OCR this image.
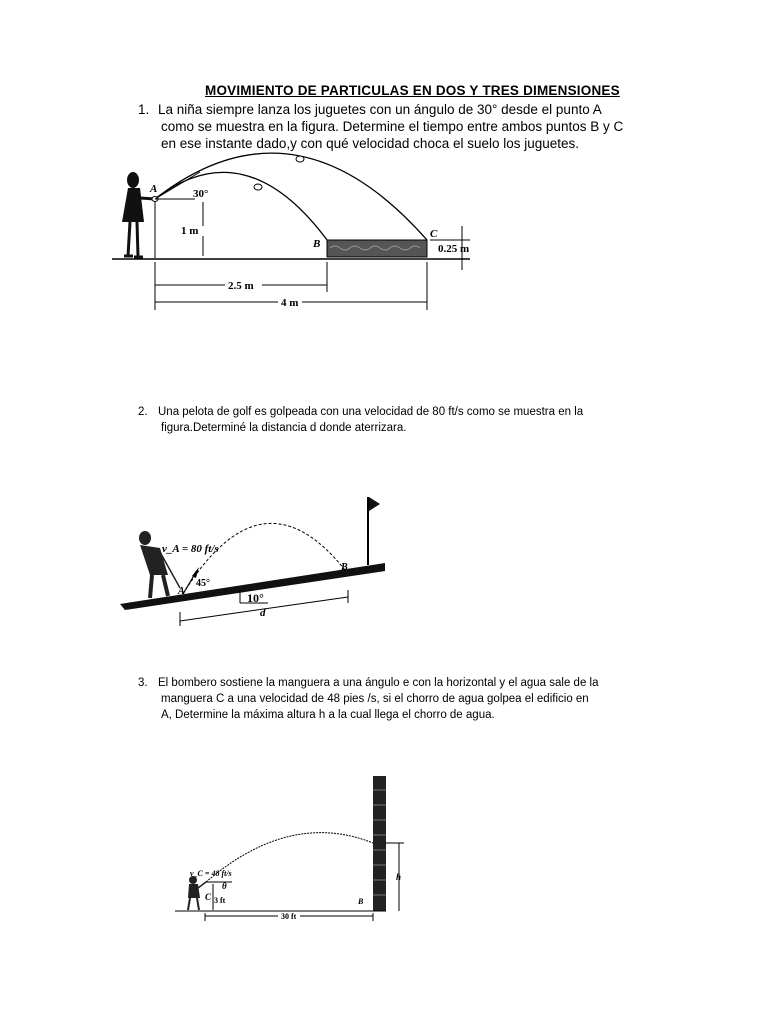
MOVIMIENTO DE PARTICULAS EN DOS Y TRES DIMENSIONES
1. La niña siempre lanza los juguetes con un ángulo de 30° desde el punto A
como se muestra en la figura. Determine el tiempo entre ambos puntos B y C
en ese instante dado,y con qué velocidad choca el suelo los juguetes.
2. Una pelota de golf es golpeada con una velocidad de 80 ft/s como se muestra en la
figura.Determiné la distancia d donde aterrizara.
3. El bombero sostiene la manguera a una ángulo e con la horizontal y el agua sale de la
manguera C a una velocidad de 48 pies /s, si el chorro de agua golpea el edificio en
A, Determine la máxima altura h a la cual llega el chorro de agua.
30°
A
B
C
1 m
0.25 m
2.5 m
4 m
v_A = 80 ft/s
45°
A
B
10°
d
θ
v_C = 48 ft/s
C 3 ft
h
B
30 ft
